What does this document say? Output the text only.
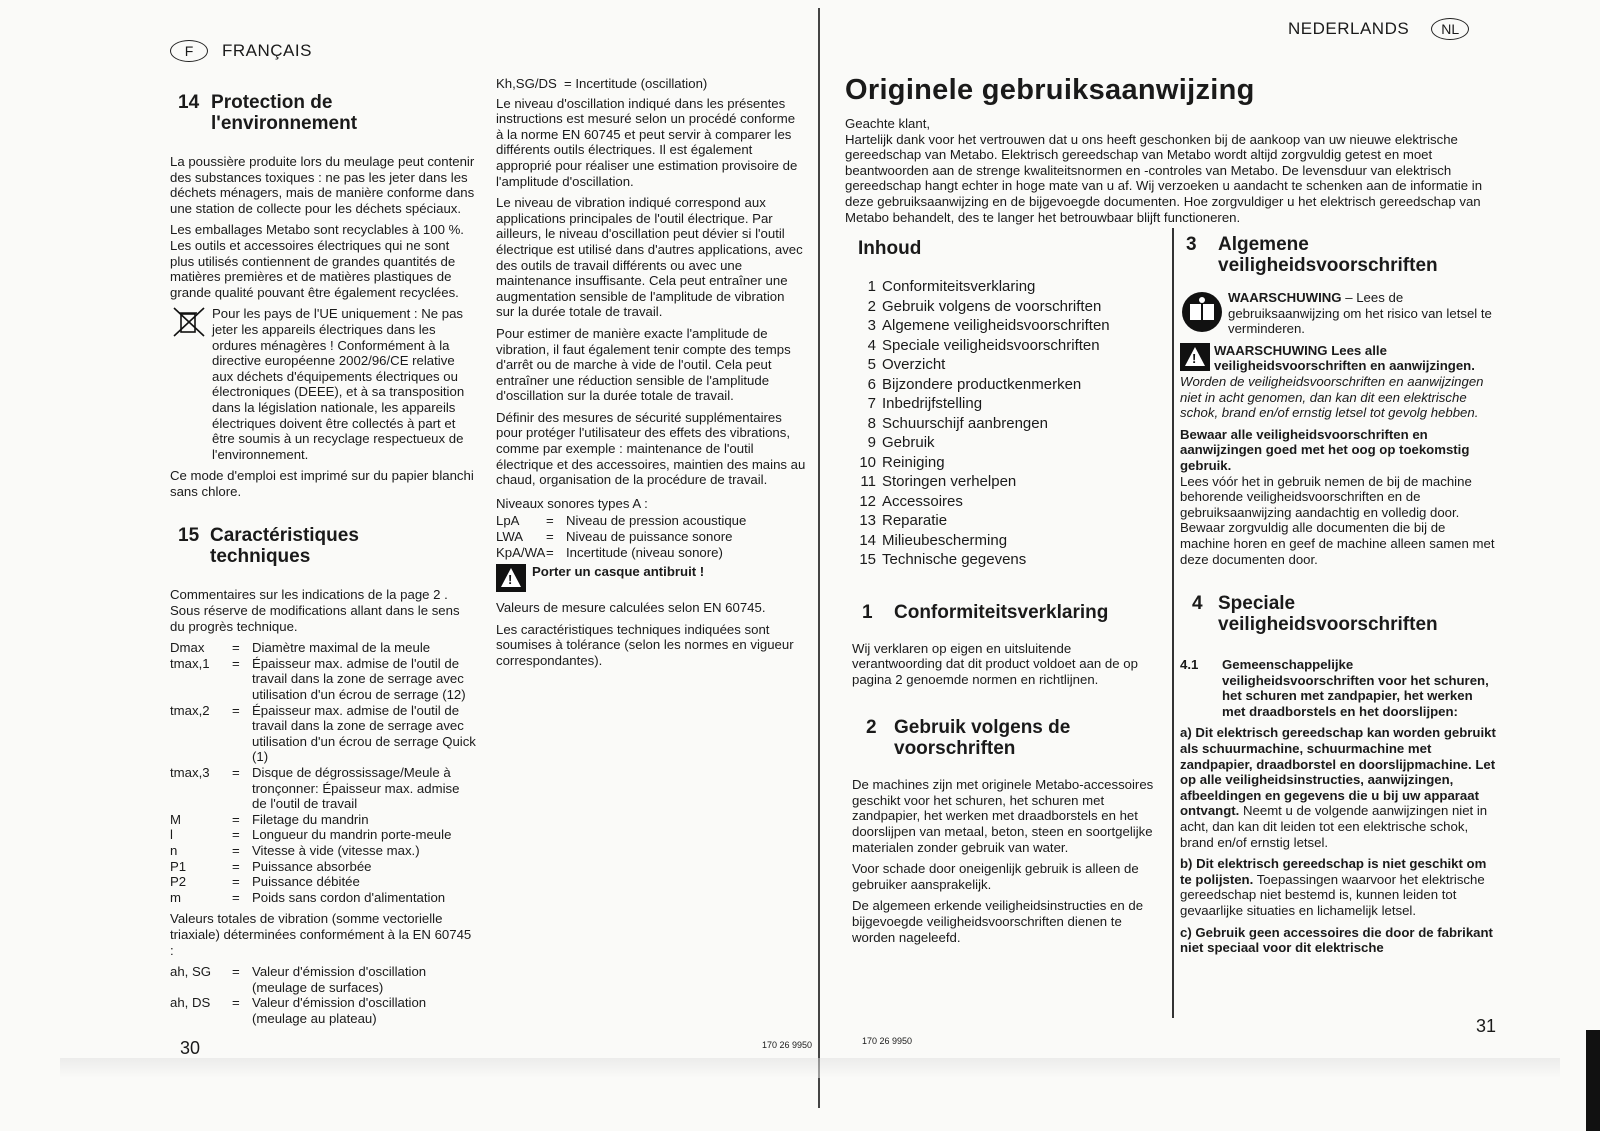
F	FRANÇAIS
14 Protection de l'environnement

La poussière produite lors du meulage peut contenir des substances toxiques : ne pas les jeter dans les déchets ménagers, mais de manière conforme dans une station de collecte pour les déchets spéciaux.

Les emballages Metabo sont recyclables à 100 %. Les outils et accessoires électriques qui ne sont plus utilisés contiennent de grandes quantités de matières premières et de matières plastiques de grande qualité pouvant être également recyclées.

Pour les pays de l'UE uniquement : Ne pas jeter les appareils électriques dans les ordures ménagères ! Conformément à la directive européenne 2002/96/CE relative aux déchets d'équipements électriques ou électroniques (DEEE), et à sa transposition dans la législation nationale, les appareils électriques doivent être collectés à part et être soumis à un recyclage respectueux de l'environnement.

Ce mode d'emploi est imprimé sur du papier blanchi sans chlore.

15 Caractéristiques techniques

Commentaires sur les indications de la page 2 . Sous réserve de modifications allant dans le sens du progrès technique.

Dmax	= Diamètre maximal de la meule
tmax,1	= Épaisseur max. admise de l'outil de travail dans la zone de serrage avec utilisation d'un écrou de serrage (12)
tmax,2	= Épaisseur max. admise de l'outil de travail dans la zone de serrage avec utilisation d'un écrou de serrage Quick (1)
tmax,3	= Disque de dégrossissage/Meule à tronçonner: Épaisseur max. admise de l'outil de travail
M	= Filetage du mandrin
l	= Longueur du mandrin porte-meule
n	= Vitesse à vide (vitesse max.)
P1	= Puissance absorbée
P2	= Puissance débitée
m	= Poids sans cordon d'alimentation

Valeurs totales de vibration (somme vectorielle triaxiale) déterminées conformément à la EN 60745 :

ah, SG	= Valeur d'émission d'oscillation (meulage de surfaces)
ah, DS	= Valeur d'émission d'oscillation (meulage au plateau)
Kh,SG/DS = Incertitude (oscillation)

Le niveau d'oscillation indiqué dans les présentes instructions est mesuré selon un procédé conforme à la norme EN 60745 et peut servir à comparer les différents outils électriques. Il est également approprié pour réaliser une estimation provisoire de l'amplitude d'oscillation.

Le niveau de vibration indiqué correspond aux applications principales de l'outil électrique. Par ailleurs, le niveau d'oscillation peut dévier si l'outil électrique est utilisé dans d'autres applications, avec des outils de travail différents ou avec une maintenance insuffisante. Cela peut entraîner une augmentation sensible de l'amplitude de vibration sur la durée totale de travail.

Pour estimer de manière exacte l'amplitude de vibration, il faut également tenir compte des temps d'arrêt ou de marche à vide de l'outil. Cela peut entraîner une réduction sensible de l'amplitude d'oscillation sur la durée totale de travail.

Définir des mesures de sécurité supplémentaires pour protéger l'utilisateur des effets des vibrations, comme par exemple : maintenance de l'outil électrique et des accessoires, maintien des mains au chaud, organisation de la procédure de travail.

Niveaux sonores types A :

LpA	= Niveau de pression acoustique
LWA	= Niveau de puissance sonore
KpA/WA = Incertitude (niveau sonore)
!
Porter un casque antibruit !

Valeurs de mesure calculées selon EN 60745.

Les caractéristiques techniques indiquées sont soumises à tolérance (selon les normes en vigueur correspondantes).

30	170 26 9950
NEDERLANDS	NL
Originele gebruiksaanwijzing

Geachte klant,

Hartelijk dank voor het vertrouwen dat u ons heeft geschonken bij de aankoop van uw nieuwe elektrische gereedschap van Metabo. Elektrisch gereedschap van Metabo wordt altijd zorgvuldig getest en moet beantwoorden aan de strenge kwaliteitsnormen en -controles van Metabo. De levensduur van elektrisch gereedschap hangt echter in hoge mate van u af. Wij verzoeken u aandacht te schenken aan de informatie in deze gebruiksaanwijzing en de bijgevoegde documenten. Hoe zorgvuldiger u het elektrisch gereedschap van Metabo behandelt, des te langer het betrouwbaar blijft functioneren.

Inhoud
1 Conformiteitsverklaring
2 Gebruik volgens de voorschriften
3 Algemene veiligheidsvoorschriften
4 Speciale veiligheidsvoorschriften
5 Overzicht
6 Bijzondere productkenmerken
7 Inbedrijfstelling
8 Schuurschijf aanbrengen
9 Gebruik
10 Reiniging
11 Storingen verhelpen
12 Accessoires
13 Reparatie
14 Milieubescherming
15 Technische gegevens
1	Conformiteitsverklaring

Wij verklaren op eigen en uitsluitende verantwoording dat dit product voldoet aan de op pagina 2 genoemde normen en richtlijnen.

2 Gebruik volgens de voorschriften

De machines zijn met originele Metabo-accessoires geschikt voor het schuren, het schuren met zandpapier, het werken met draadborstels en het doorslijpen van metaal, beton, steen en soortgelijke materialen zonder gebruik van water.

Voor schade door oneigenlijk gebruik is alleen de gebruiker aansprakelijk.

De algemeen erkende veiligheidsinstructies en de bijgevoegde veiligheidsvoorschriften dienen te worden nageleefd.

3	Algemene veiligheidsvoorschriften

WAARSCHUWING – Lees de gebruiksaanwijzing om het risico van letsel te verminderen.

!

WAARSCHUWING Lees alle veiligheidsvoorschriften en aanwijzingen.

Worden de veiligheidsvoorschriften en aanwijzingen niet in acht genomen, dan kan dit een elektrische schok, brand en/of ernstig letsel tot gevolg hebben.

Bewaar alle veiligheidsvoorschriften en aanwijzingen goed met het oog op toekomstig gebruik.

Lees vóór het in gebruik nemen de bij de machine behorende veiligheidsvoorschriften en de gebruiksaanwijzing aandachtig en volledig door. Bewaar zorgvuldig alle documenten die bij de machine horen en geef de machine alleen samen met deze documenten door.

4 Speciale veiligheidsvoorschriften
4.1	Gemeenschappelijke veiligheidsvoorschriften voor het schuren, het schuren met zandpapier, het werken met draadborstels en het doorslijpen:

a) Dit elektrisch gereedschap kan worden gebruikt als schuurmachine, schuurmachine met zandpapier, draadborstel en doorslijpmachine. Let op alle veiligheidsinstructies, aanwijzingen, afbeeldingen en gegevens die u bij uw apparaat ontvangt. Neemt u de volgende aanwijzingen niet in acht, dan kan dit leiden tot een elektrische schok, brand en/of ernstig letsel.

b) Dit elektrisch gereedschap is niet geschikt om te polijsten. Toepassingen waarvoor het elektrische gereedschap niet bestemd is, kunnen leiden tot gevaarlijke situaties en lichamelijk letsel.

c) Gebruik geen accessoires die door de fabrikant niet speciaal voor dit elektrische

31
170 26 9950
